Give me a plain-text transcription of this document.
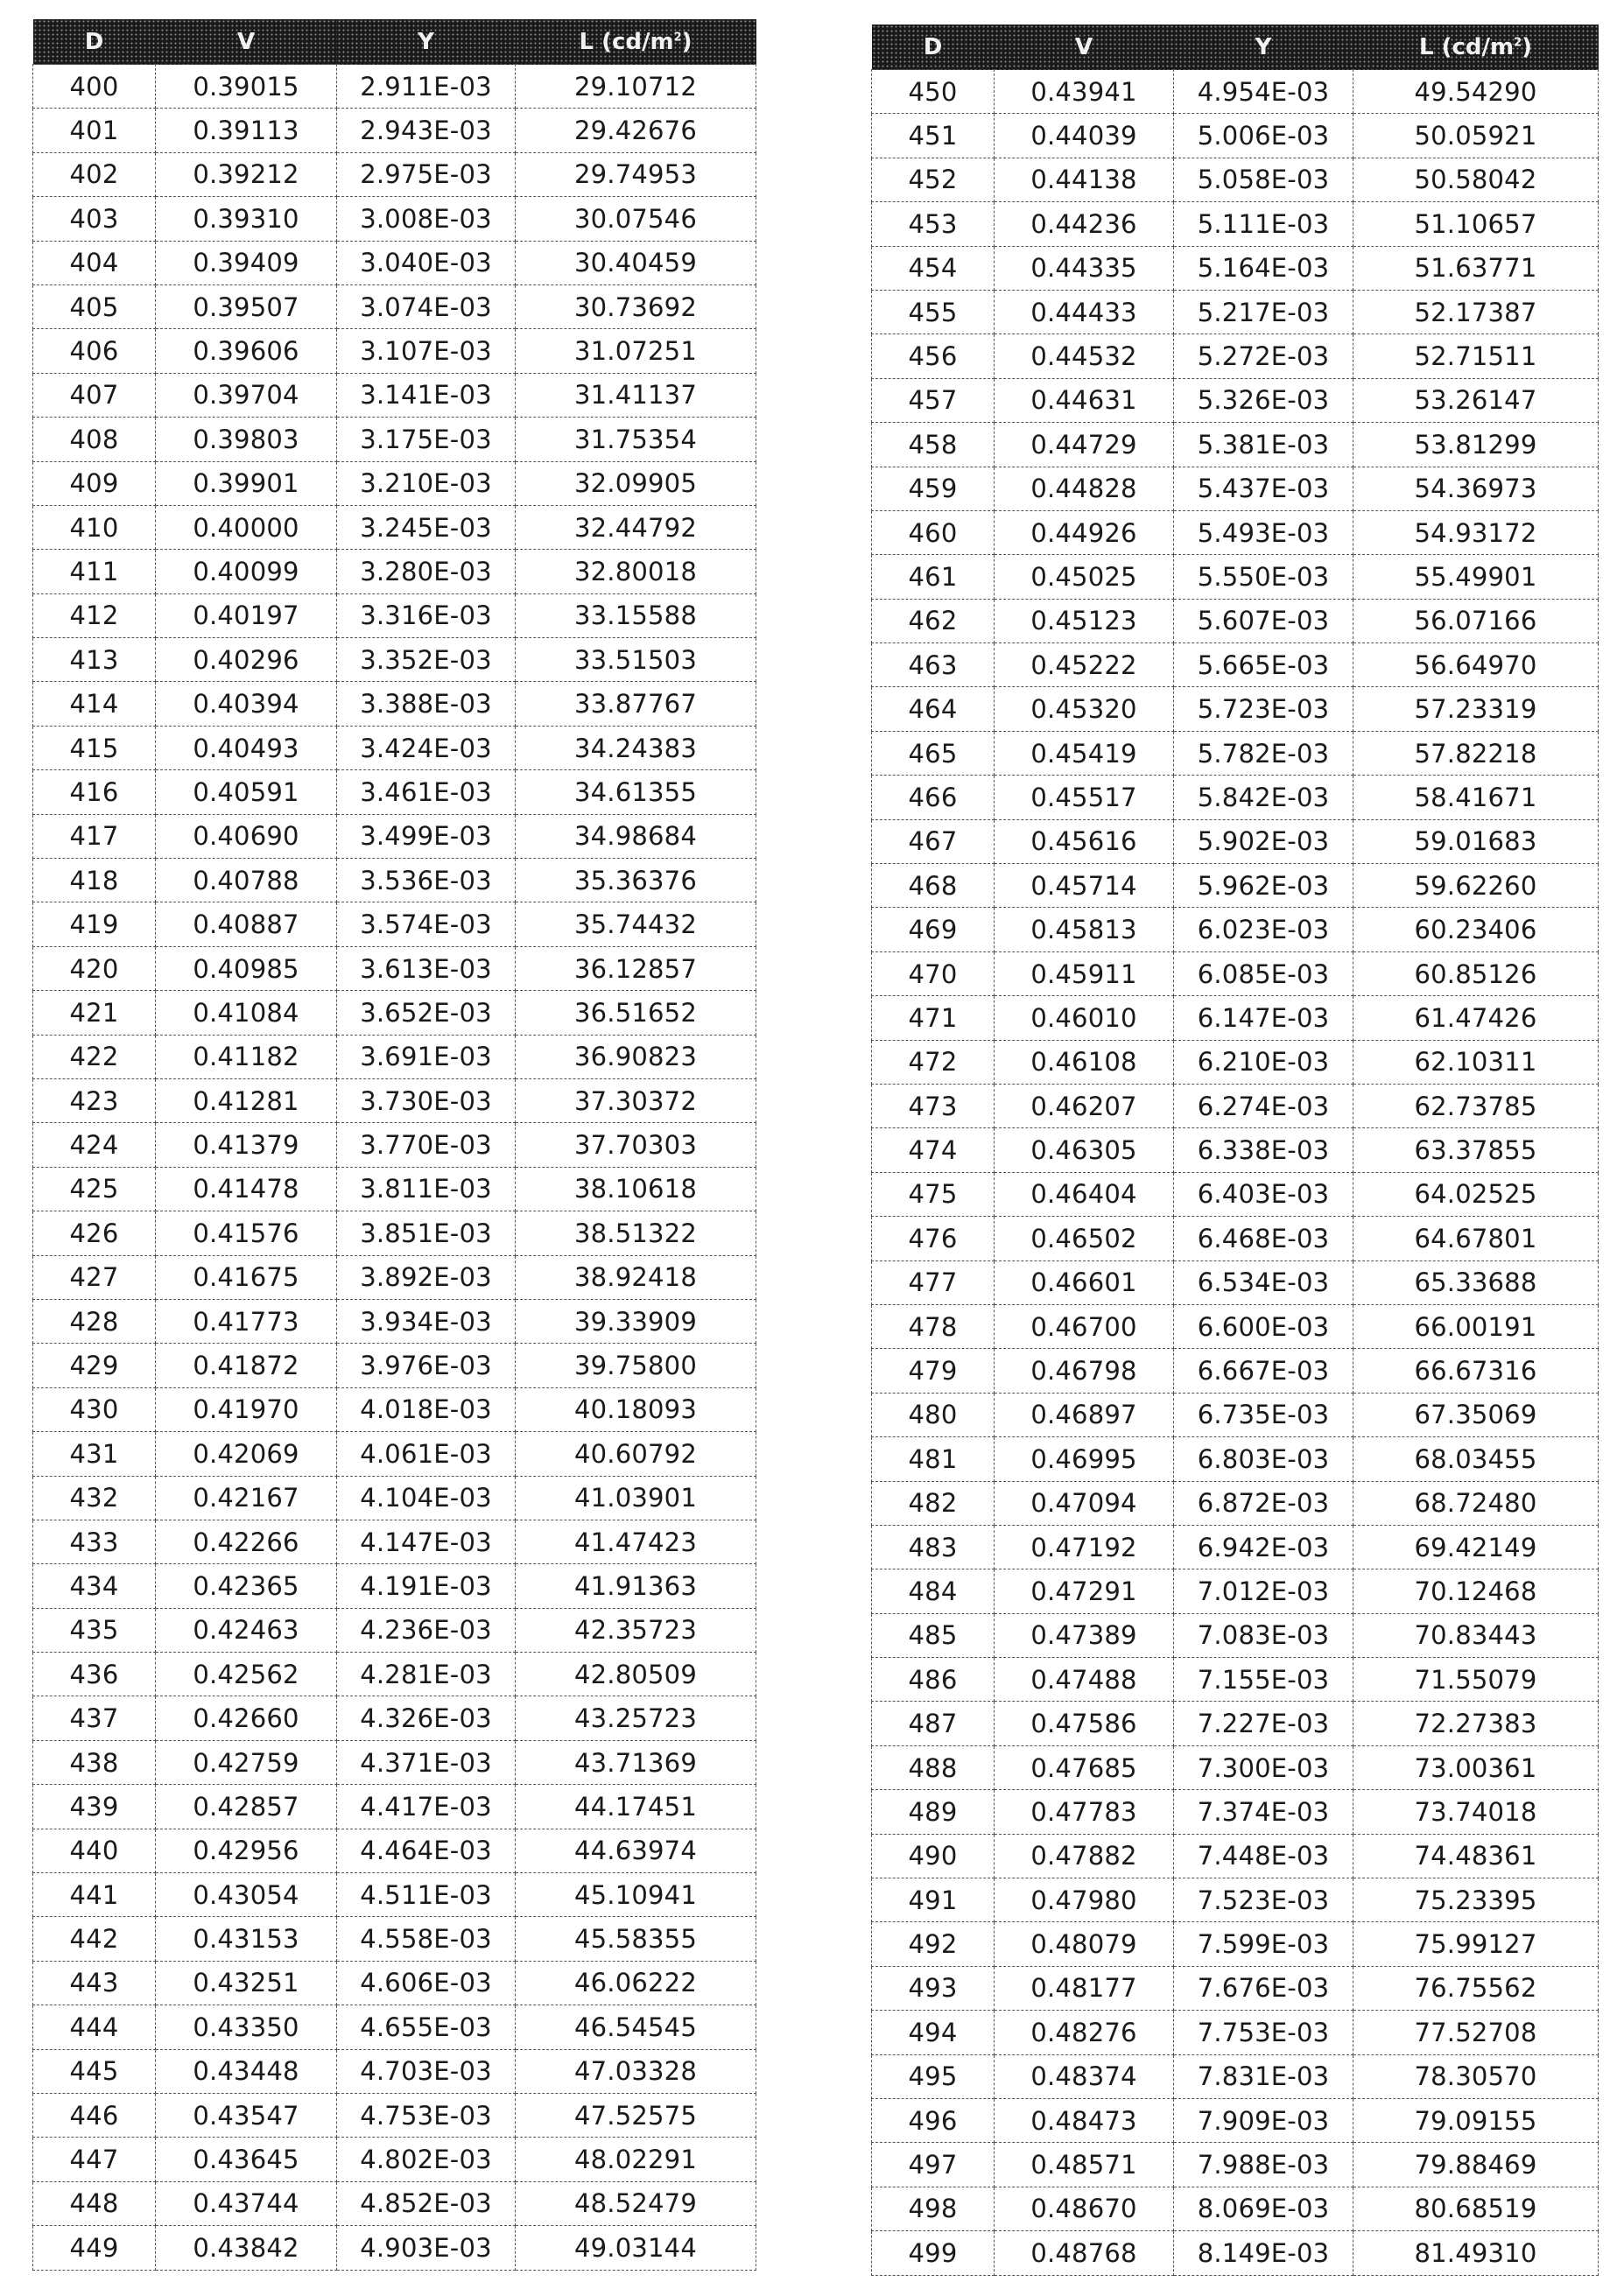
D	V	Y	L $(cd/m^2)$
400	0.39015	2.911E-03	29.10712
401	0.39113	2.943E-03	29.42676
402	0.39212	2.975E-03	29.74953
403	0.39310	3.008E-03	30.07546
404	0.39409	3.040E-03	30.40459
405	0.39507	3.074E-03	30.73692
406	0.39606	3.107E-03	31.07251
407	0.39704	3.141E-03	31.41137
408	0.39803	3.175E-03	31.75354
409	0.39901	3.210E-03	32.09905
410	0.40000	3.245E-03	32.44792
411	0.40099	3.280E-03	32.80018
412	0.40197	3.316E-03	33.15588
413	0.40296	3.352E-03	33.51503
414	0.40394	3.388E-03	33.87767
415	0.40493	3.424E-03	34.24383
416	0.40591	3.461E-03	34.61355
417	0.40690	3.499E-03	34.98684
418	0.40788	3.536E-03	35.36376
419	0.40887	3.574E-03	35.74432
420	0.40985	3.613E-03	36.12857
421	0.41084	3.652E-03	36.51652
422	0.41182	3.691E-03	36.90823
423	0.41281	3.730E-03	37.30372
424	0.41379	3.770E-03	37.70303
425	0.41478	3.811E-03	38.10618
426	0.41576	3.851E-03	38.51322
427	0.41675	3.892E-03	38.92418
428	0.41773	3.934E-03	39.33909
429	0.41872	3.976E-03	39.75800
430	0.41970	4.018E-03	40.18093
431	0.42069	4.061E-03	40.60792
432	0.42167	4.104E-03	41.03901
433	0.42266	4.147E-03	41.47423
434	0.42365	4.191E-03	41.91363
435	0.42463	4.236E-03	42.35723
436	0.42562	4.281E-03	42.80509
437	0.42660	4.326E-03	43.25723
438	0.42759	4.371E-03	43.71369
439	0.42857	4.417E-03	44.17451
440	0.42956	4.464E-03	44.63974
441	0.43054	4.511E-03	45.10941
442	0.43153	4.558E-03	45.58355
443	0.43251	4.606E-03	46.06222
444	0.43350	4.655E-03	46.54545
445	0.43448	4.703E-03	47.03328
446	0.43547	4.753E-03	47.52575
447	0.43645	4.802E-03	48.02291
448	0.43744	4.852E-03	48.52479
449	0.43842	4.903E-03	49.03144
D	V	Y	L $(cd/m^2)$
450	0.43941	4.954E-03	49.54290
451	0.44039	5.006E-03	50.05921
452	0.44138	5.058E-03	50.58042
453	0.44236	5.111E-03	51.10657
454	0.44335	5.164E-03	51.63771
455	0.44433	5.217E-03	52.17387
456	0.44532	5.272E-03	52.71511
457	0.44631	5.326E-03	53.26147
458	0.44729	5.381E-03	53.81299
459	0.44828	5.437E-03	54.36973
460	0.44926	5.493E-03	54.93172
461	0.45025	5.550E-03	55.49901
462	0.45123	5.607E-03	56.07166
463	0.45222	5.665E-03	56.64970
464	0.45320	5.723E-03	57.23319
465	0.45419	5.782E-03	57.82218
466	0.45517	5.842E-03	58.41671
467	0.45616	5.902E-03	59.01683
468	0.45714	5.962E-03	59.62260
469	0.45813	6.023E-03	60.23406
470	0.45911	6.085E-03	60.85126
471	0.46010	6.147E-03	61.47426
472	0.46108	6.210E-03	62.10311
473	0.46207	6.274E-03	62.73785
474	0.46305	6.338E-03	63.37855
475	0.46404	6.403E-03	64.02525
476	0.46502	6.468E-03	64.67801
477	0.46601	6.534E-03	65.33688
478	0.46700	6.600E-03	66.00191
479	0.46798	6.667E-03	66.67316
480	0.46897	6.735E-03	67.35069
481	0.46995	6.803E-03	68.03455
482	0.47094	6.872E-03	68.72480
483	0.47192	6.942E-03	69.42149
484	0.47291	7.012E-03	70.12468
485	0.47389	7.083E-03	70.83443
486	0.47488	7.155E-03	71.55079
487	0.47586	7.227E-03	72.27383
488	0.47685	7.300E-03	73.00361
489	0.47783	7.374E-03	73.74018
490	0.47882	7.448E-03	74.48361
491	0.47980	7.523E-03	75.23395
492	0.48079	7.599E-03	75.99127
493	0.48177	7.676E-03	76.75562
494	0.48276	7.753E-03	77.52708
495	0.48374	7.831E-03	78.30570
496	0.48473	7.909E-03	79.09155
497	0.48571	7.988E-03	79.88469
498	0.48670	8.069E-03	80.68519
499	0.48768	8.149E-03	81.49310
